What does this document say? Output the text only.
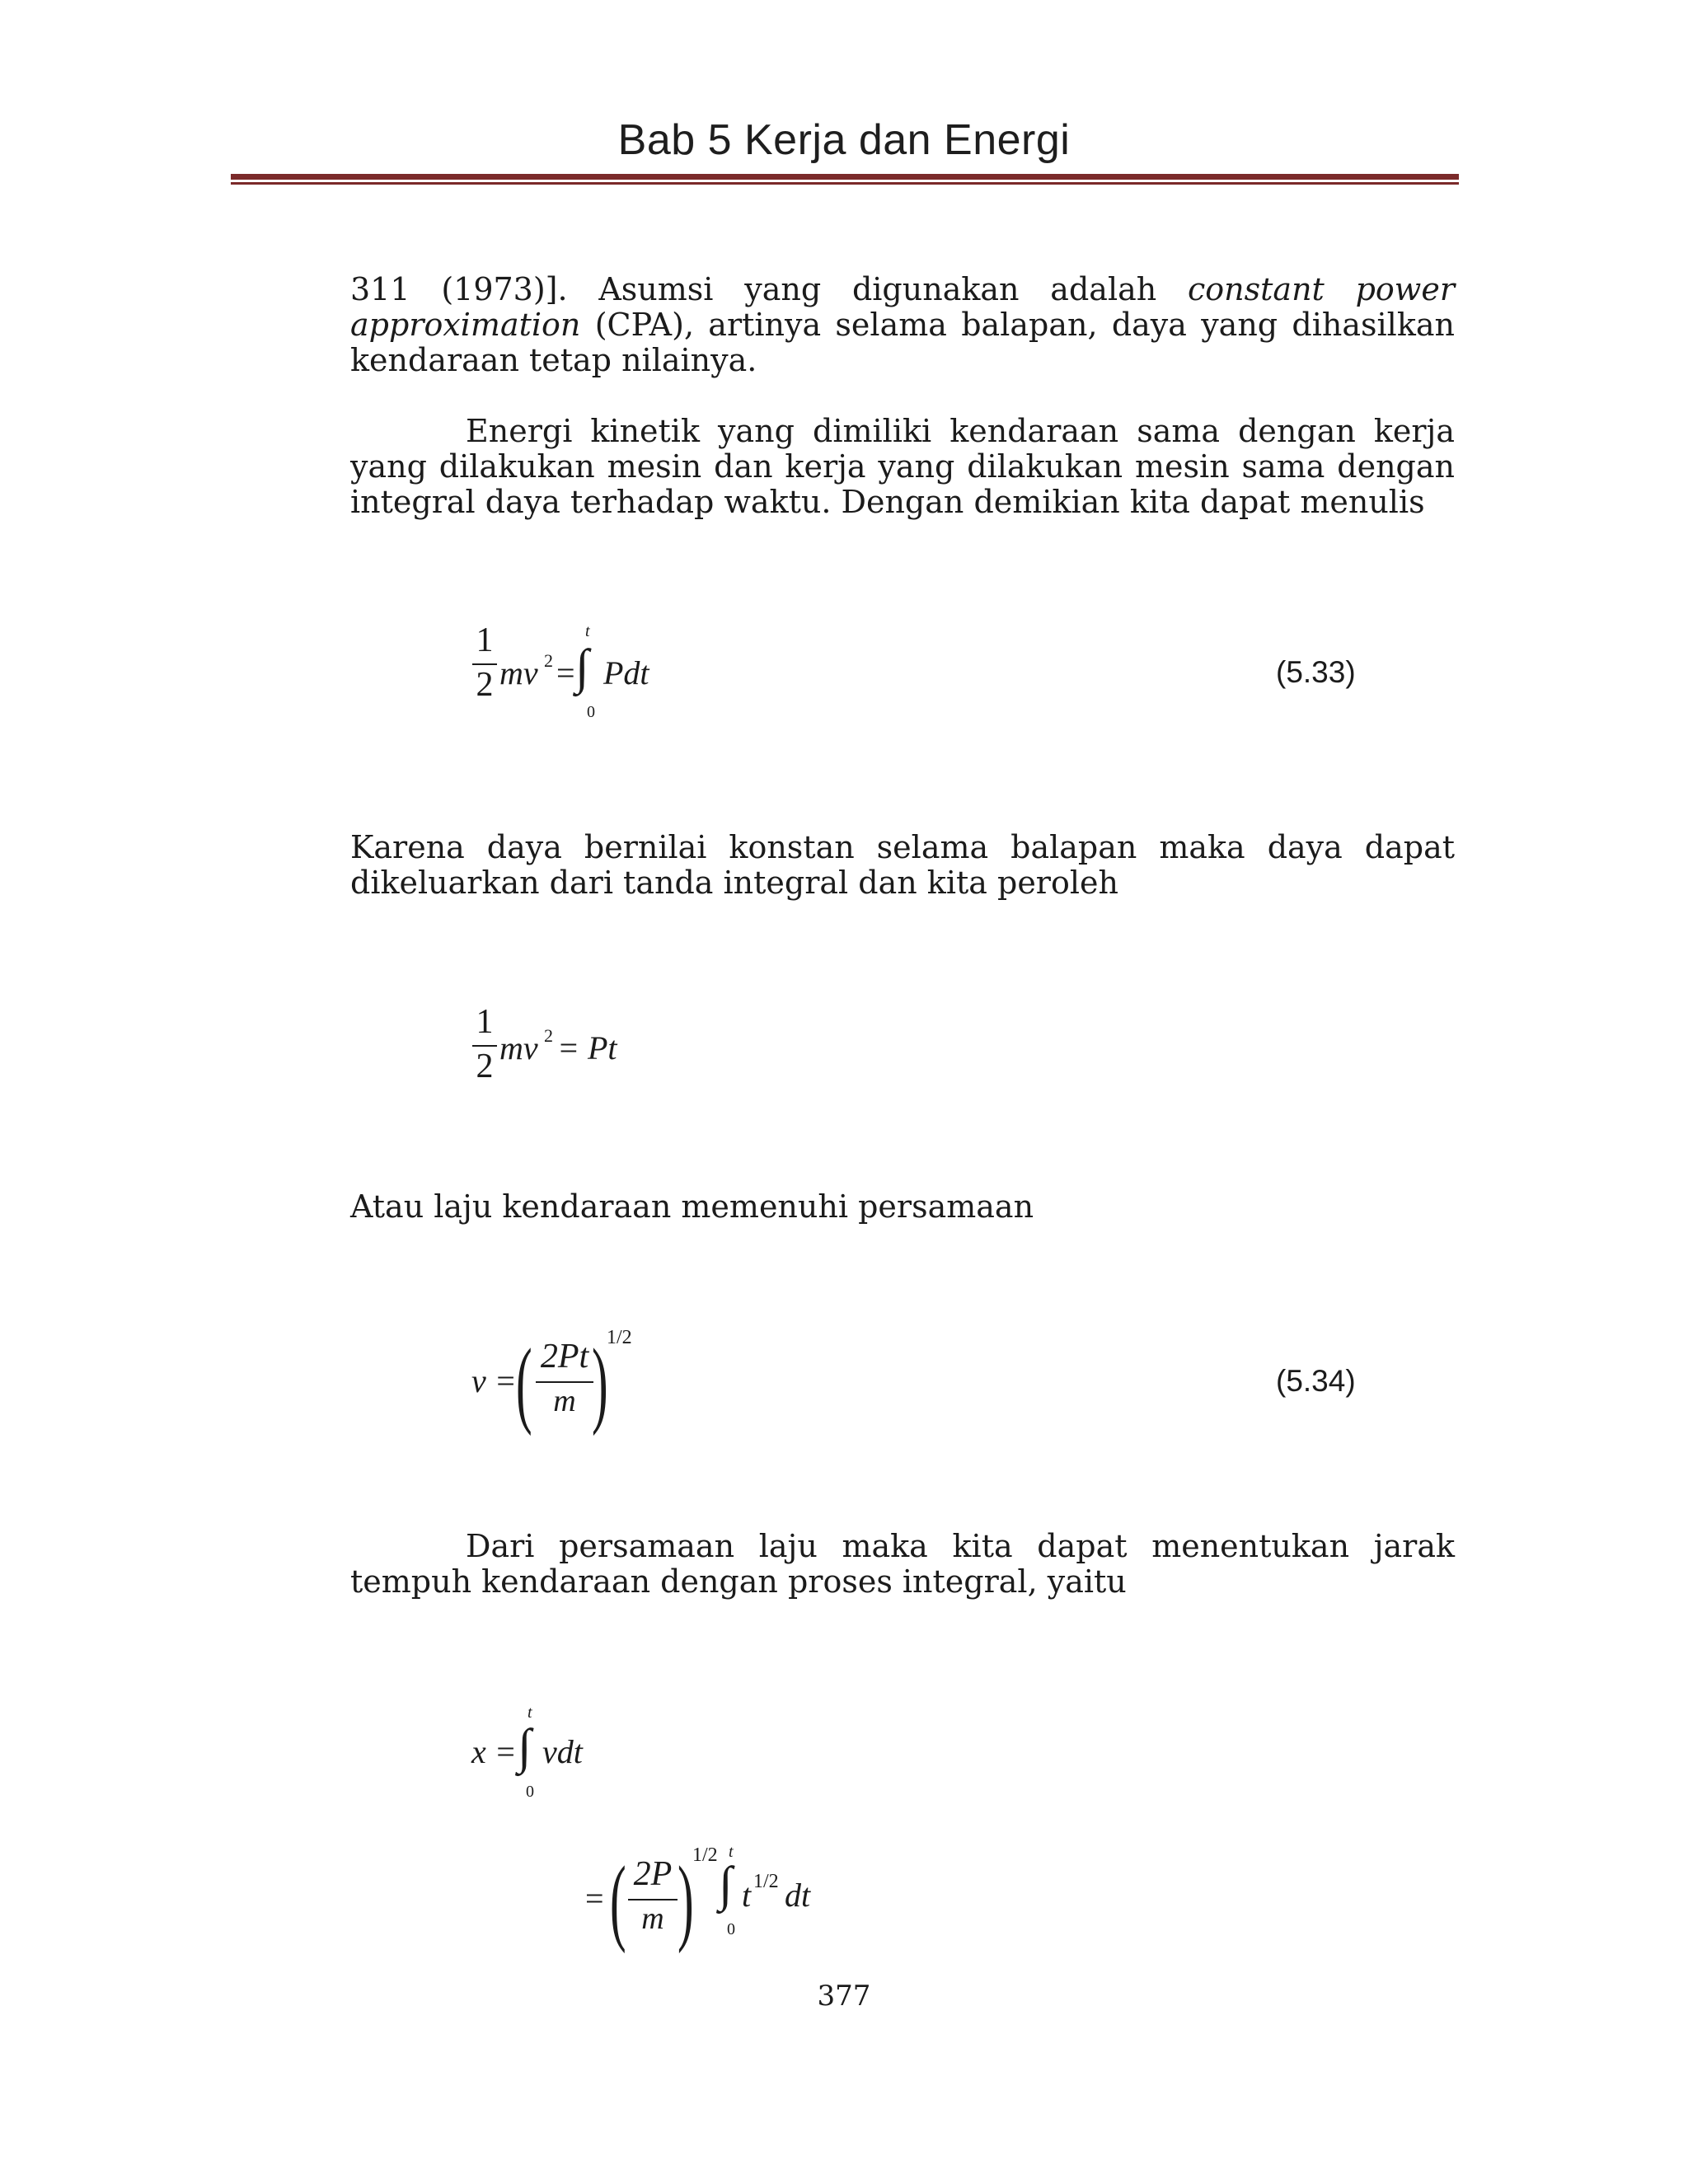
Bab 5 Kerja dan Energi
311 (1973)]. Asumsi yang digunakan adalah constant power approximation (CPA), artinya selama balapan, daya yang dihasilkan kendaraan tetap nilainya.
Energi kinetik yang dimiliki kendaraan sama dengan kerja yang dilakukan mesin dan kerja yang dilakukan mesin sama dengan integral daya terhadap waktu. Dengan demikian kita dapat menulis
1
2 mv 2 =
t
∫
0
Pdt	(5.33)
Karena daya bernilai konstan selama balapan maka daya dapat dikeluarkan dari tanda integral dan kita peroleh
1
2 mv 2 = Pt
Atau laju kendaraan memenuhi persamaan
v = ( 2Pt
m )
1/2
(5.34)
Dari persamaan laju maka kita dapat menentukan jarak tempuh kendaraan dengan proses integral, yaitu
x =
t
∫
0
vdt
= ( 2P
m )
1/2 t
∫
0
t 1/2 dt
377
